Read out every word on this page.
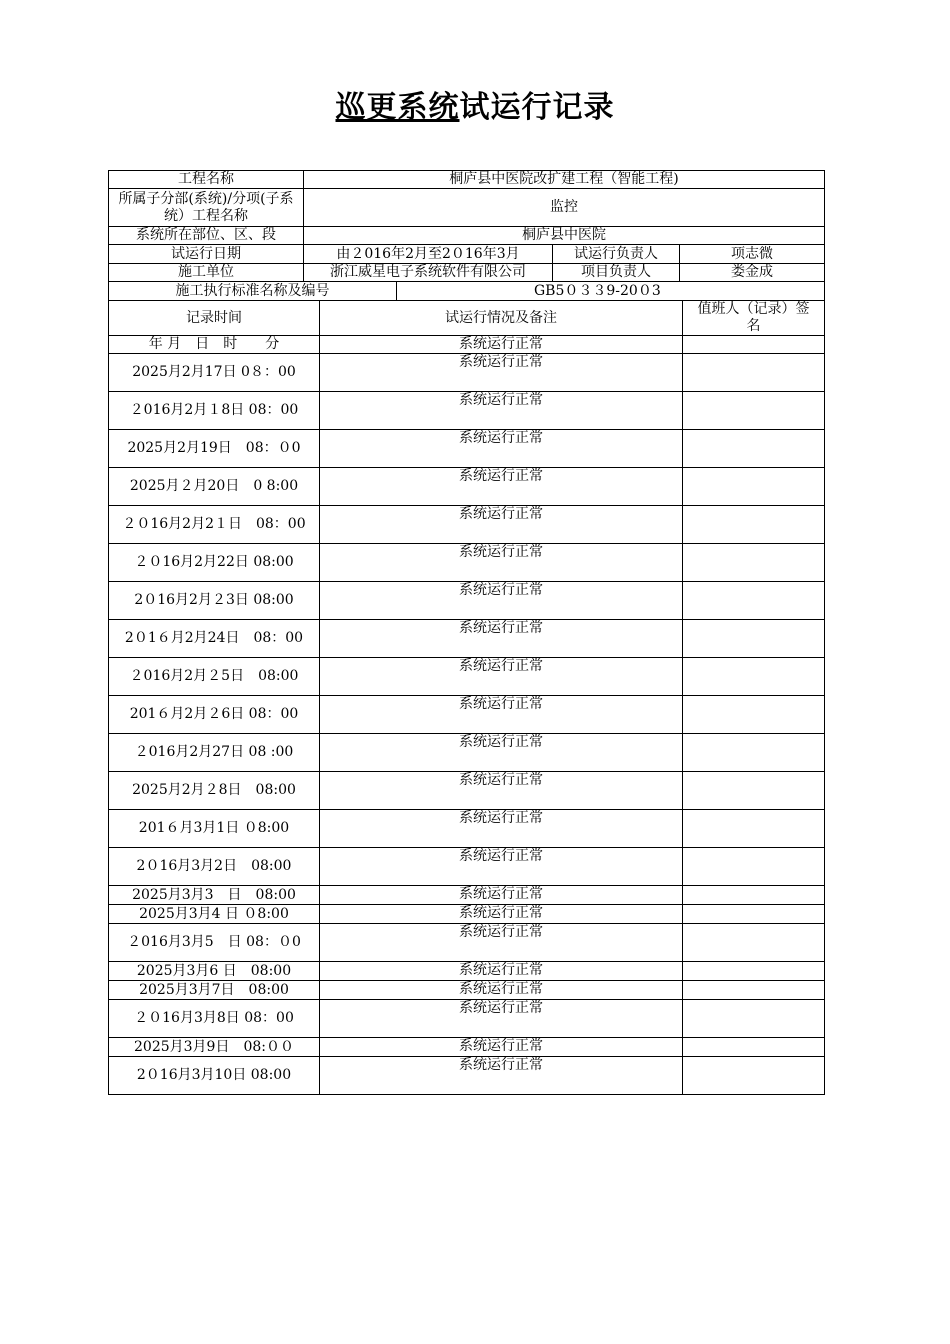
巡更系统试运行记录
工程名称	桐庐县中医院改扩建工程（智能工程)			
所属子分部(系统)/分项(子系统）工程名称	监控			
系统所在部位、区、段	桐庐县中医院			
试运行日期	由２016年2月至2０16年3月		试运行负责人	项志微
施工单位	浙江威星电子系统软件有限公司		项目负责人	娄金成
施工执行标准名称及编号		GB5０３３9-20０3		
记录时间	试运行情况及备注	值班人（记录）签名
年 月　日　时　　分	系统运行正常	
2025月2月17日 0８：00	系统运行正常	
２016月2月１8日 08：00	系统运行正常	
2025月2月19日　08：０0	系统运行正常	
2025月２月20日　0 8:00	系统运行正常	
２０16月2月2１日　08：00	系统运行正常	
２０16月2月22日 08:00	系统运行正常	
2０16月2月２3日 08:00	系统运行正常	
2０1６月2月24日　08：00	系统运行正常	
２016月2月２5日　08:00	系统运行正常	
201６月2月２6日 08：00	系统运行正常	
２016月2月27日 08 :00	系统运行正常	
2025月2月２8日　08:00	系统运行正常	
201６月3月1日 ０8:00	系统运行正常	
2０16月3月2日　08:00	系统运行正常	
2025月3月3　日　08:00	系统运行正常	
2025月3月4 日 ０8:00	系统运行正常	
２016月3月5　日 08：０0	系统运行正常	
2025月3月6 日　08:00	系统运行正常	
2025月3月7日　08:00	系统运行正常	
２０16月3月8日 08：00	系统运行正常	
2025月3月9日　08:００	系统运行正常	
2０16月3月10日 08:00	系统运行正常	
